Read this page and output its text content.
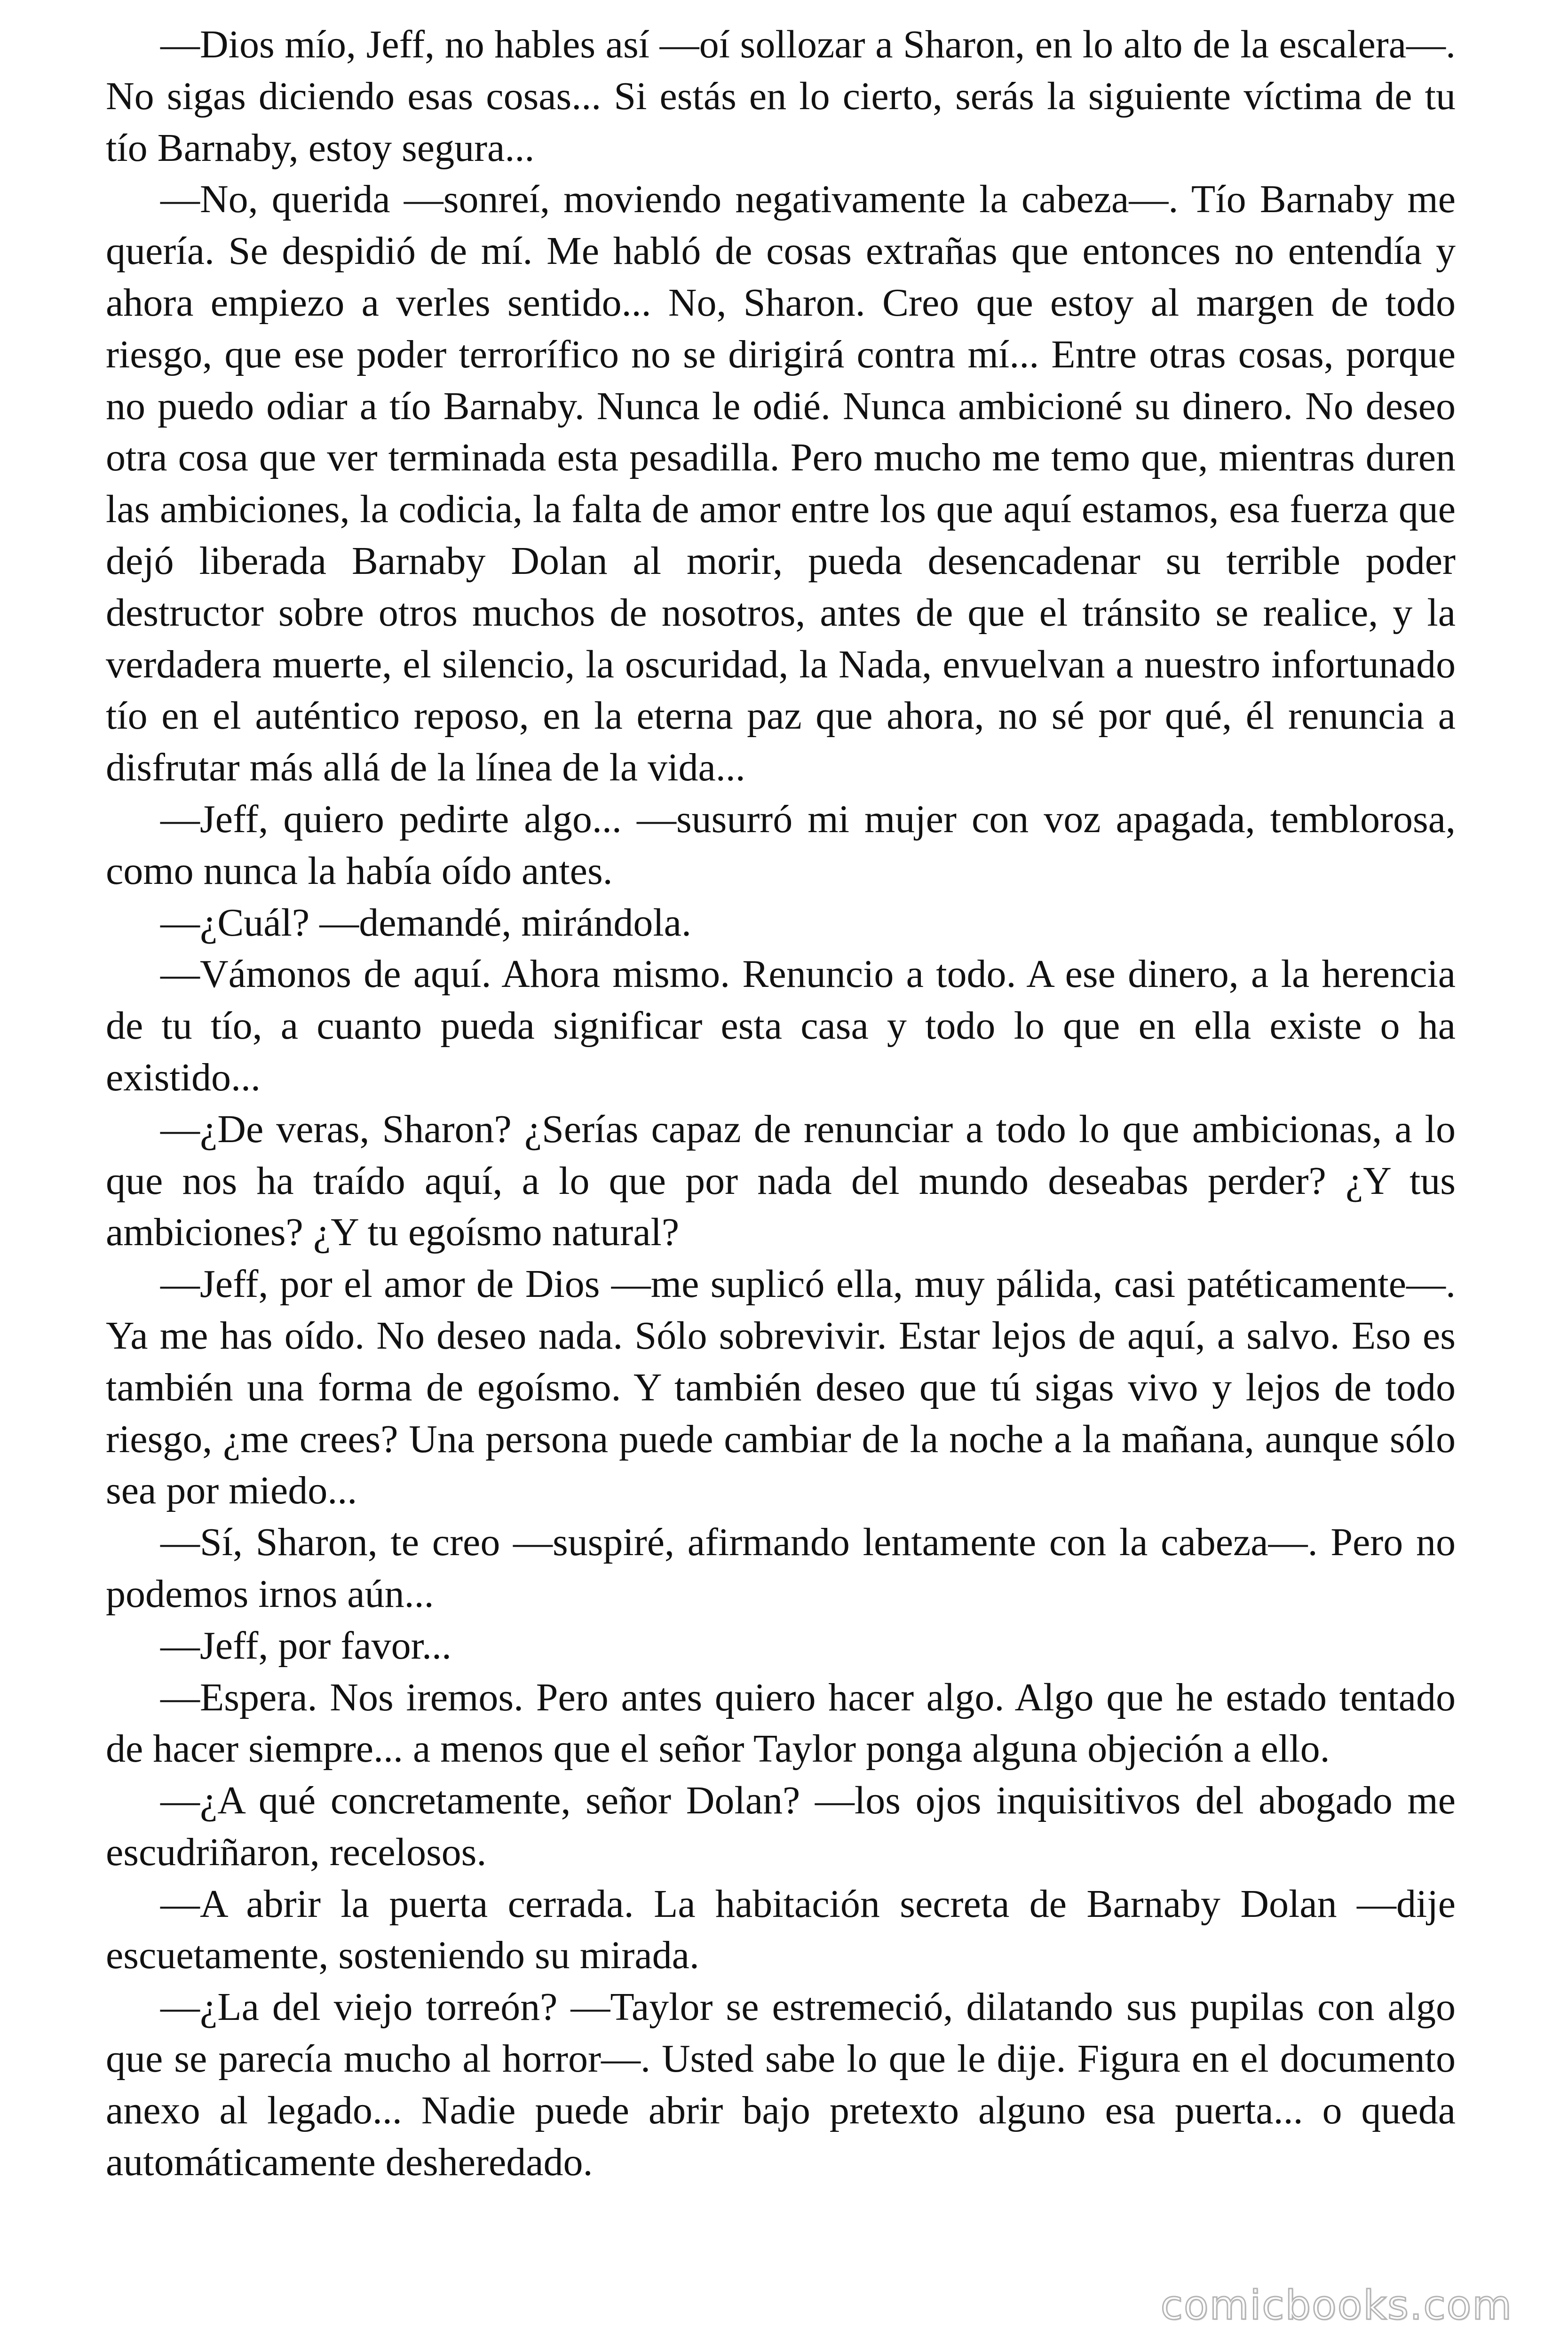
—Dios mío, Jeff, no hables así —oí sollozar a Sharon, en lo alto de la escalera—. No sigas diciendo esas cosas... Si estás en lo cierto, serás la siguiente víctima de tu tío Barnaby, estoy segura...

—No, querida —sonreí, moviendo negativamente la cabeza—. Tío Barnaby me quería. Se despidió de mí. Me habló de cosas extrañas que entonces no entendía y ahora empiezo a verles sentido... No, Sharon. Creo que estoy al margen de todo riesgo, que ese poder terrorífico no se dirigirá contra mí... Entre otras cosas, porque no puedo odiar a tío Barnaby. Nunca le odié. Nunca ambicioné su dinero. No deseo otra cosa que ver terminada esta pesadilla. Pero mucho me temo que, mientras duren las ambiciones, la codicia, la falta de amor entre los que aquí estamos, esa fuerza que dejó liberada Barnaby Dolan al morir, pueda desencadenar su terrible poder destructor sobre otros muchos de nosotros, antes de que el tránsito se realice, y la verdadera muerte, el silencio, la oscuridad, la Nada, envuelvan a nuestro infortunado tío en el auténtico reposo, en la eterna paz que ahora, no sé por qué, él renuncia a disfrutar más allá de la línea de la vida...

—Jeff, quiero pedirte algo... —susurró mi mujer con voz apagada, temblorosa, como nunca la había oído antes.

—¿Cuál? —demandé, mirándola.

—Vámonos de aquí. Ahora mismo. Renuncio a todo. A ese dinero, a la herencia de tu tío, a cuanto pueda significar esta casa y todo lo que en ella existe o ha existido...

—¿De veras, Sharon? ¿Serías capaz de renunciar a todo lo que ambicionas, a lo que nos ha traído aquí, a lo que por nada del mundo deseabas perder? ¿Y tus ambiciones? ¿Y tu egoísmo natural?

—Jeff, por el amor de Dios —me suplicó ella, muy pálida, casi patéticamente—. Ya me has oído. No deseo nada. Sólo sobrevivir. Estar lejos de aquí, a salvo. Eso es también una forma de egoísmo. Y también deseo que tú sigas vivo y lejos de todo riesgo, ¿me crees? Una persona puede cambiar de la noche a la mañana, aunque sólo sea por miedo...

—Sí, Sharon, te creo —suspiré, afirmando lentamente con la cabeza—. Pero no podemos irnos aún...

—Jeff, por favor...

—Espera. Nos iremos. Pero antes quiero hacer algo. Algo que he estado tentado de hacer siempre... a menos que el señor Taylor ponga alguna objeción a ello.

—¿A qué concretamente, señor Dolan? —los ojos inquisitivos del abogado me escudriñaron, recelosos.

—A abrir la puerta cerrada. La habitación secreta de Barnaby Dolan —dije escuetamente, sosteniendo su mirada.

—¿La del viejo torreón? —Taylor se estremeció, dilatando sus pupilas con algo que se parecía mucho al horror—. Usted sabe lo que le dije. Figura en el documento anexo al legado... Nadie puede abrir bajo pretexto alguno esa puerta... o queda automáticamente desheredado.

comicbooks.com
